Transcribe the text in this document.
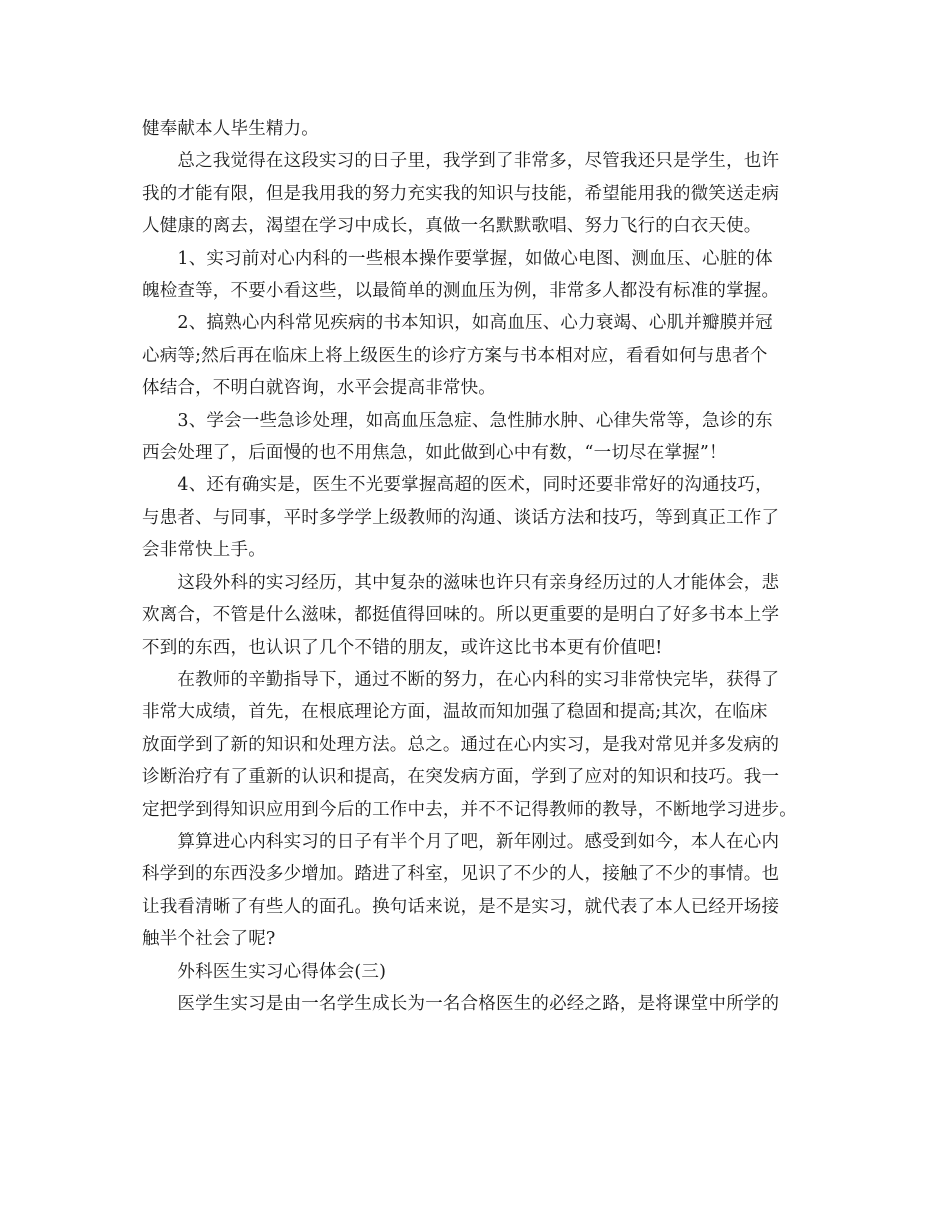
健奉献本人毕生精力。

　　总之我觉得在这段实习的日子里，我学到了非常多，尽管我还只是学生，也许
我的才能有限，但是我用我的努力充实我的知识与技能，希望能用我的微笑送走病
人健康的离去，渴望在学习中成长，真做一名默默歌唱、努力飞行的白衣天使。

　　1、实习前对心内科的一些根本操作要掌握，如做心电图、测血压、心脏的体
魄检查等，不要小看这些，以最简单的测血压为例，非常多人都没有标准的掌握。

　　2、搞熟心内科常见疾病的书本知识，如高血压、心力衰竭、心肌并瓣膜并冠
心病等;然后再在临床上将上级医生的诊疗方案与书本相对应，看看如何与患者个
体结合，不明白就咨询，水平会提高非常快。

　　3、学会一些急诊处理，如高血压急症、急性肺水肿、心律失常等，急诊的东
西会处理了，后面慢的也不用焦急，如此做到心中有数，“一切尽在掌握”！

　　4、还有确实是，医生不光要掌握高超的医术，同时还要非常好的沟通技巧，
与患者、与同事，平时多学学上级教师的沟通、谈话方法和技巧，等到真正工作了
会非常快上手。

　　这段外科的实习经历，其中复杂的滋味也许只有亲身经历过的人才能体会，悲
欢离合，不管是什么滋味，都挺值得回味的。所以更重要的是明白了好多书本上学
不到的东西，也认识了几个不错的朋友，或许这比书本更有价值吧!

　　在教师的辛勤指导下，通过不断的努力，在心内科的实习非常快完毕，获得了
非常大成绩，首先，在根底理论方面，温故而知加强了稳固和提高;其次，在临床
放面学到了新的知识和处理方法。总之。通过在心内实习，是我对常见并多发病的
诊断治疗有了重新的认识和提高，在突发病方面，学到了应对的知识和技巧。我一
定把学到得知识应用到今后的工作中去，并不不记得教师的教导，不断地学习进步。

　　算算进心内科实习的日子有半个月了吧，新年刚过。感受到如今，本人在心内
科学到的东西没多少增加。踏进了科室，见识了不少的人，接触了不少的事情。也
让我看清晰了有些人的面孔。换句话来说，是不是实习，就代表了本人已经开场接
触半个社会了呢?

　　外科医生实习心得体会(三)

　　医学生实习是由一名学生成长为一名合格医生的必经之路，是将课堂中所学的
